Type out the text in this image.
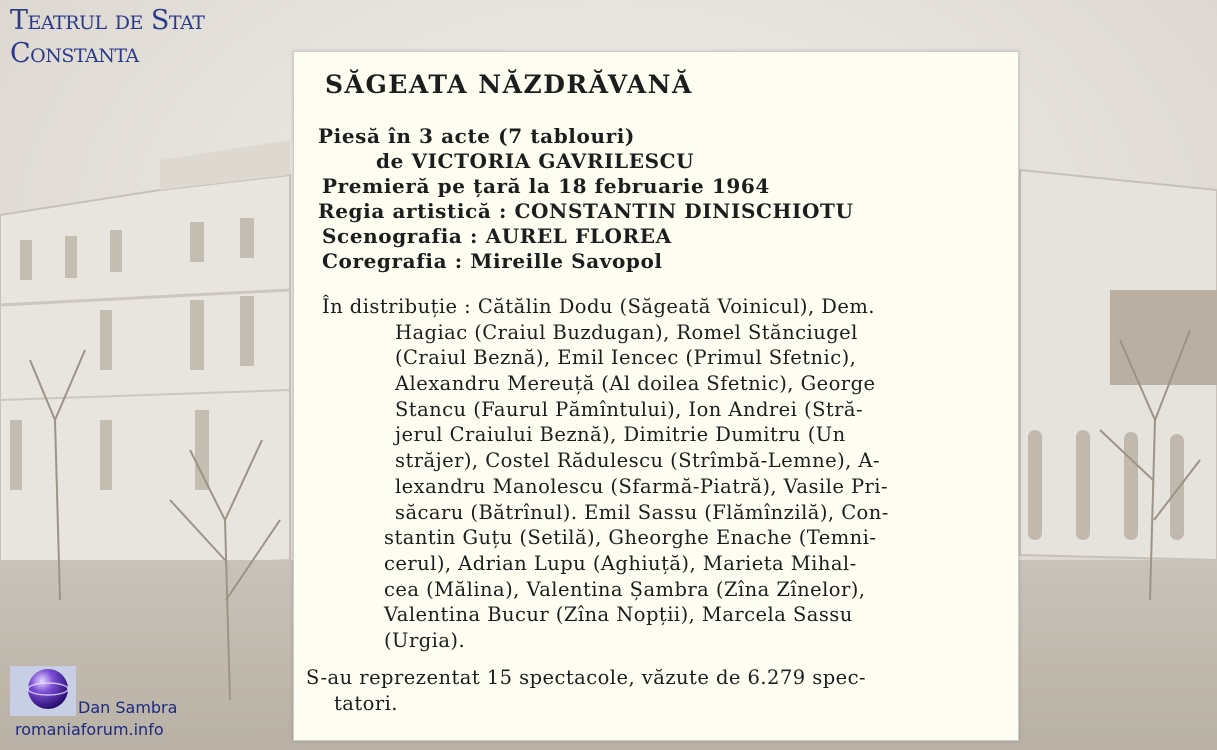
Teatrul de Stat
Constanta
SĂGEATA NĂZDRĂVANĂ
Piesă în 3 acte (7 tablouri)
de VICTORIA GAVRILESCU
Premieră pe țară la 18 februarie 1964
Regia artistică : CONSTANTIN DINISCHIOTU
Scenografia : AUREL FLOREA
Coregrafia : Mireille Savopol
În distribuție : Cătălin Dodu (Săgeată Voinicul), Dem.
Hagiac (Craiul Buzdugan), Romel Stănciugel
(Craiul Beznă), Emil Iencec (Primul Sfetnic),
Alexandru Mereuță (Al doilea Sfetnic), George
Stancu (Faurul Pămîntului), Ion Andrei (Stră-
jerul Craiului Beznă), Dimitrie Dumitru (Un
străjer), Costel Rădulescu (Strîmbă-Lemne), A-
lexandru Manolescu (Sfarmă-Piatră), Vasile Pri-
săcaru (Bătrînul). Emil Sassu (Flămînzilă), Con-
stantin Guțu (Setilă), Gheorghe Enache (Temni-
cerul), Adrian Lupu (Aghiuță), Marieta Mihal-
cea (Mălina), Valentina Șambra (Zîna Zînelor),
Valentina Bucur (Zîna Nopții), Marcela Sassu
(Urgia).
S-au reprezentat 15 spectacole, văzute de 6.279 spec-
tatori.
Dan Sambra
romaniaforum.info
